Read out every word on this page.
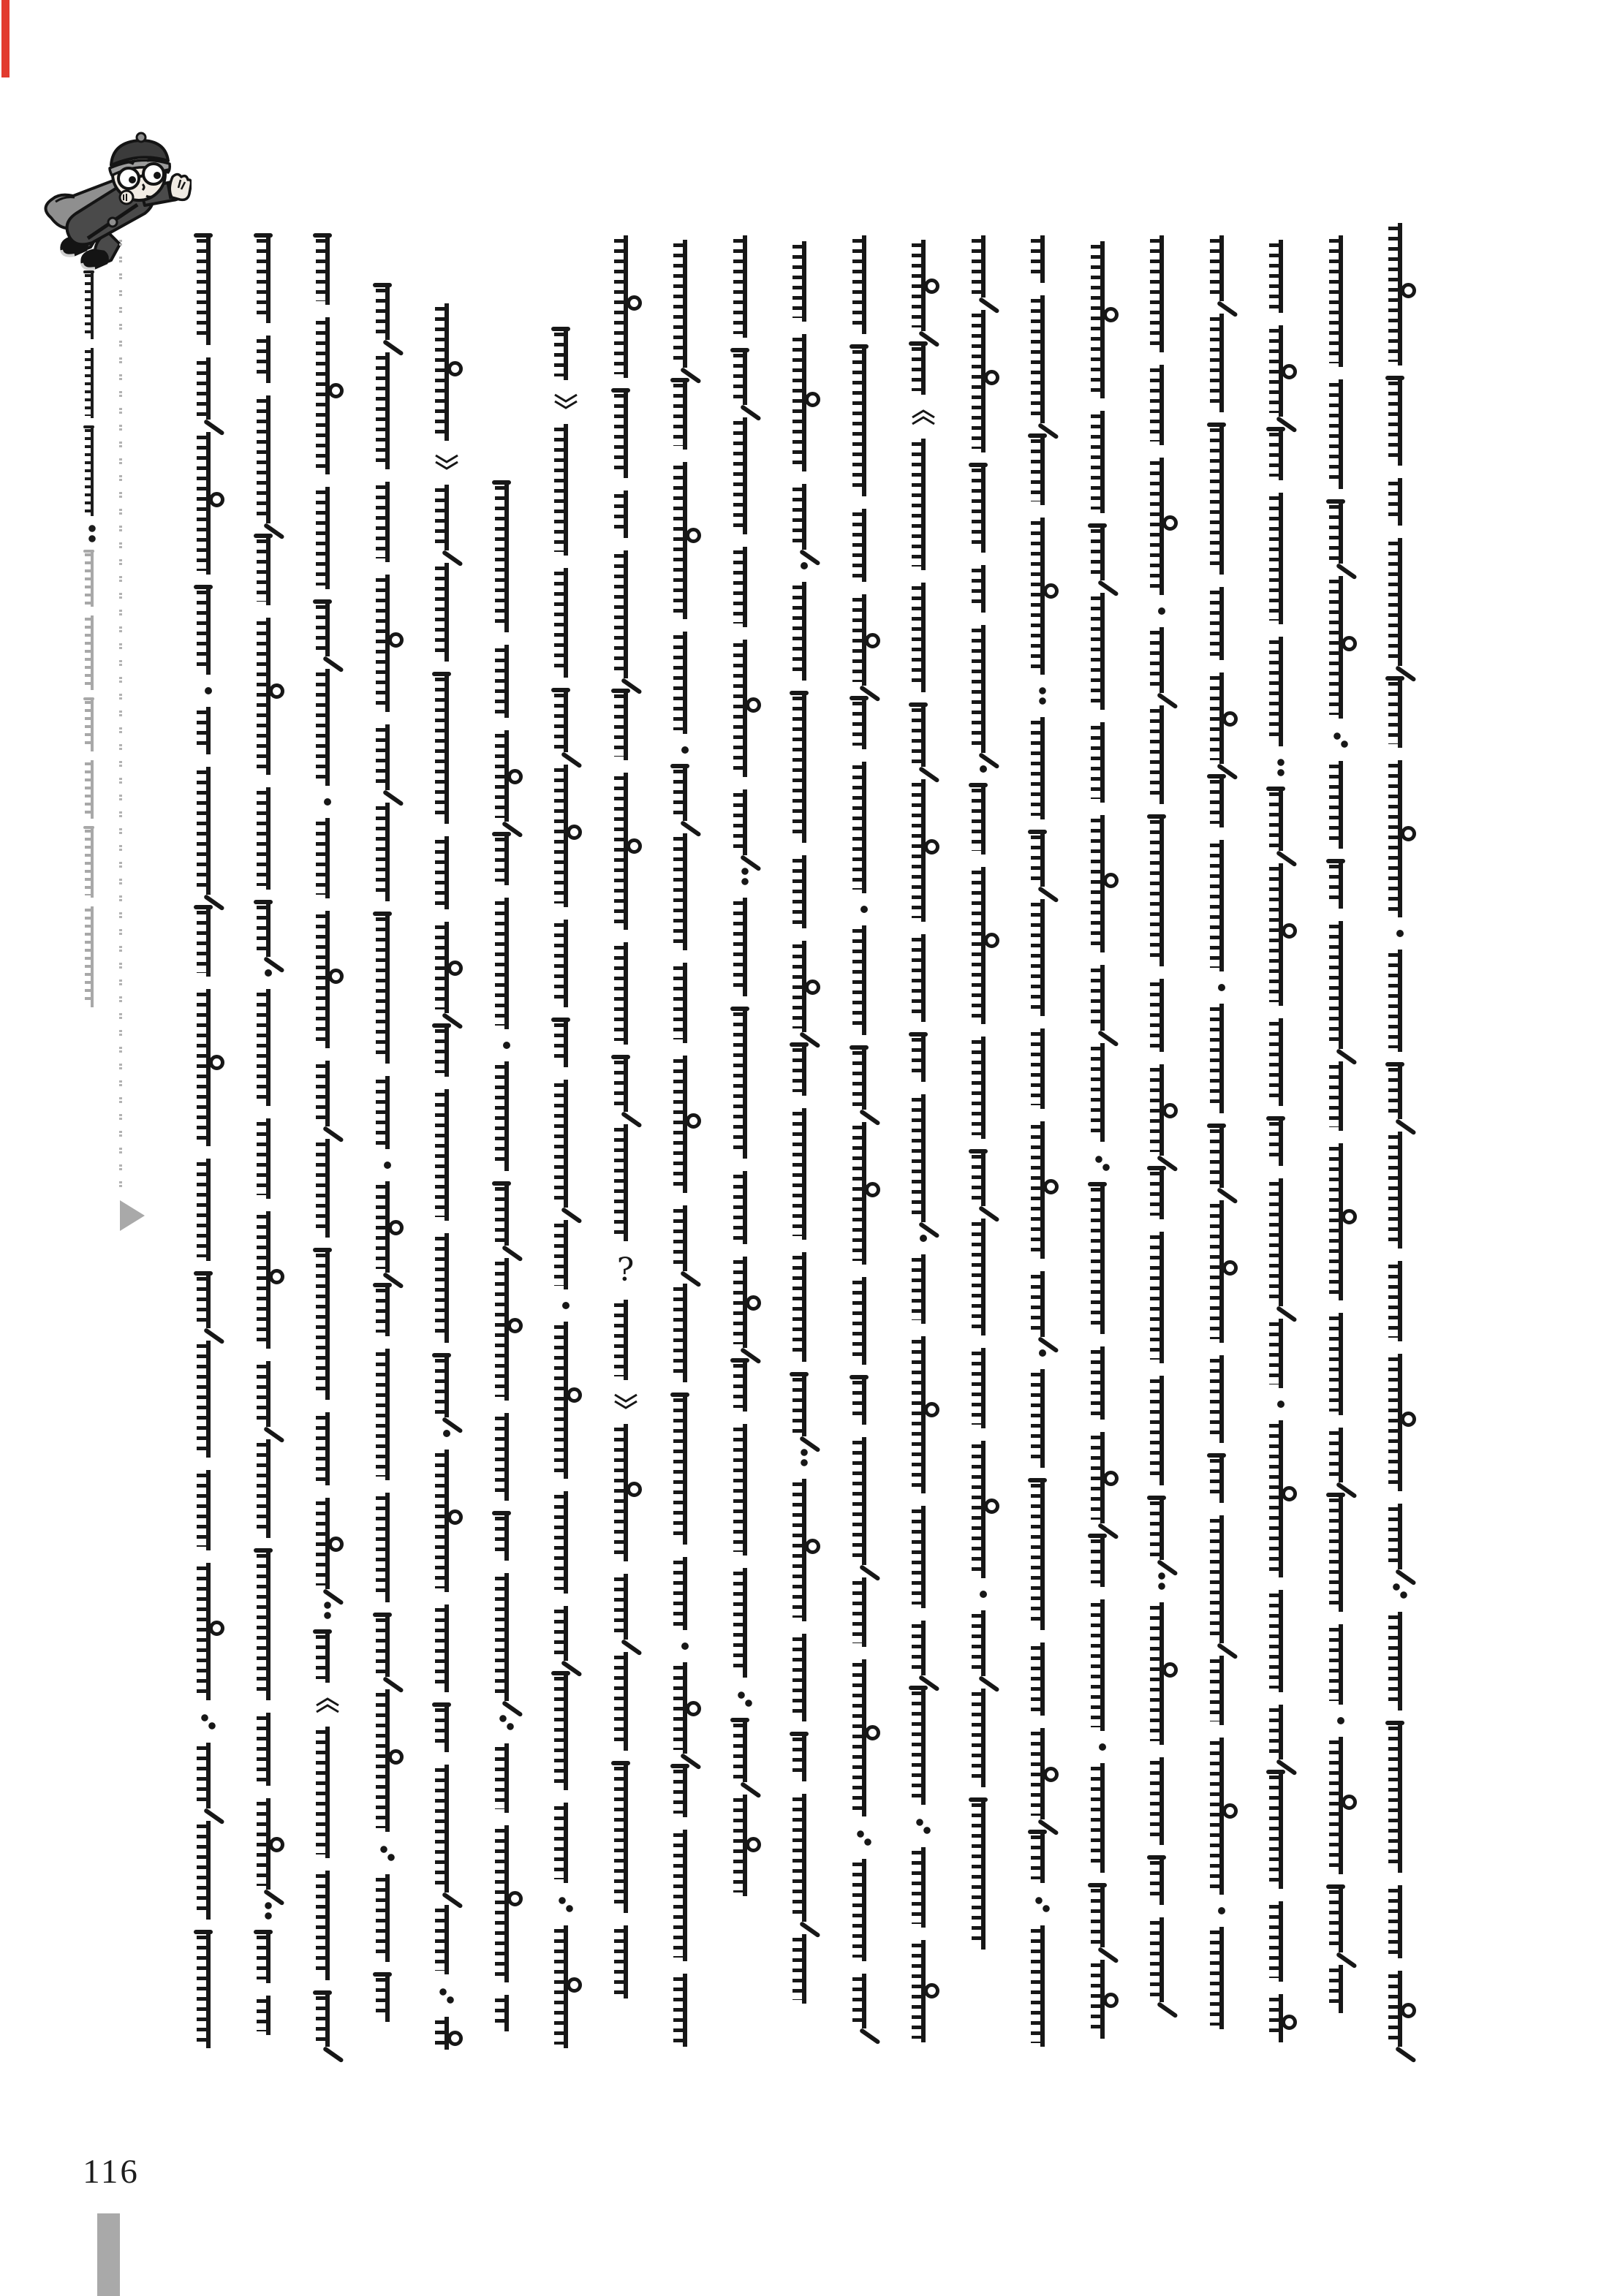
?
116
